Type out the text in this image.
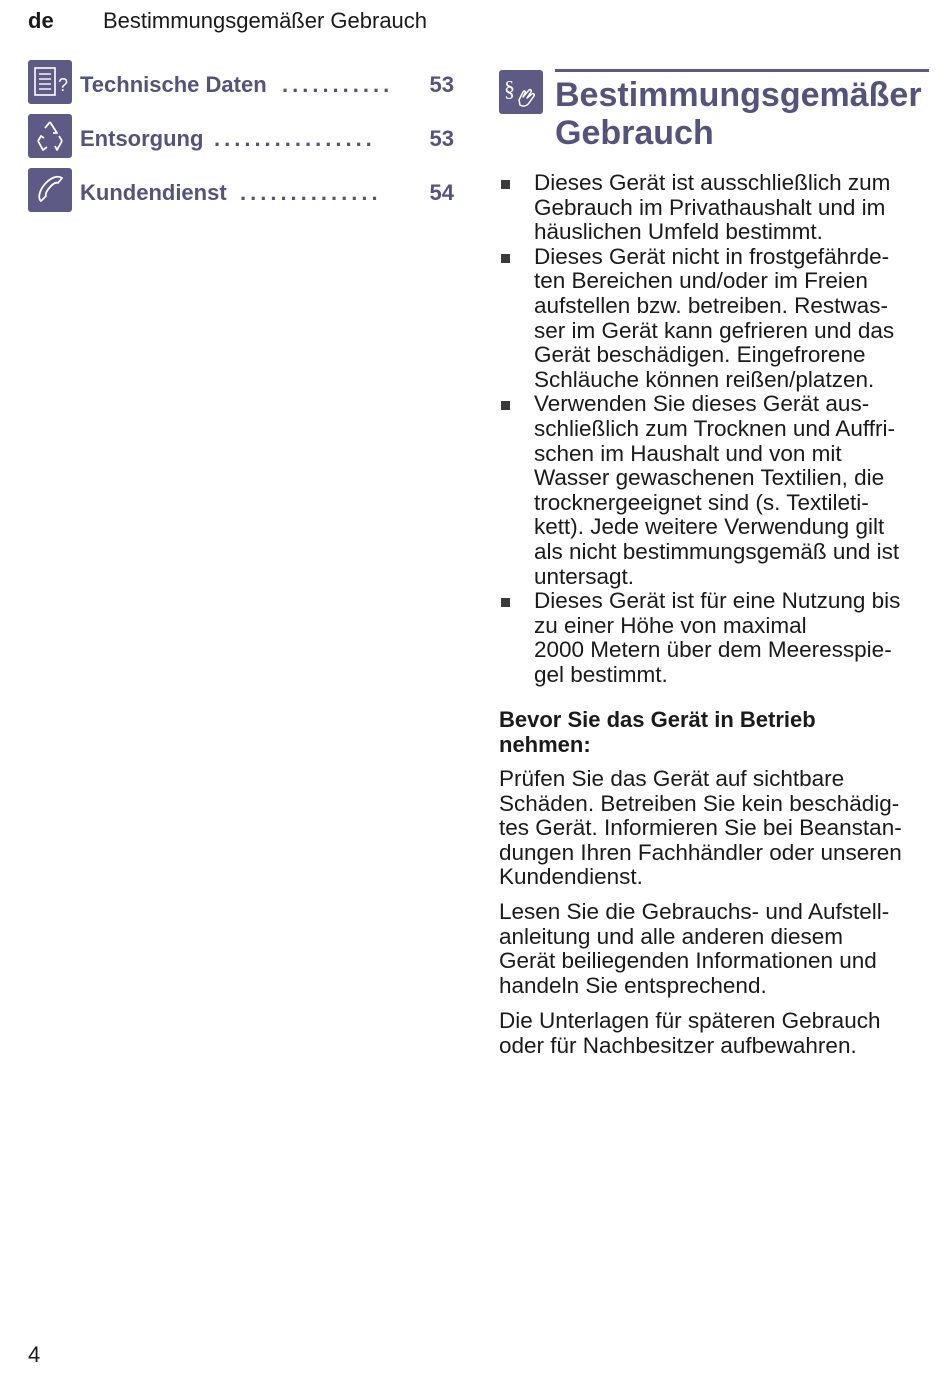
de Bestimmungsgemäßer Gebrauch
? Technische Daten ...........	53
Entsorgung ................	53
Kundendienst ..............	54
§ Bestimmungsgemäßer
Gebrauch
Dieses Gerät ist ausschließlich zum
Gebrauch im Privathaushalt und im
häuslichen Umfeld bestimmt.
Dieses Gerät nicht in frostgefährde-
ten Bereichen und/oder im Freien
aufstellen bzw. betreiben. Restwas-
ser im Gerät kann gefrieren und das
Gerät beschädigen. Eingefrorene
Schläuche können reißen/platzen.
Verwenden Sie dieses Gerät aus-
schließlich zum Trocknen und Auffri-
schen im Haushalt und von mit
Wasser gewaschenen Textilien, die
trocknergeeignet sind (s. Textileti-
kett). Jede weitere Verwendung gilt
als nicht bestimmungsgemäß und ist
untersagt.
Dieses Gerät ist für eine Nutzung bis
zu einer Höhe von maximal
2000 Metern über dem Meeresspie-
gel bestimmt.
Bevor Sie das Gerät in Betrieb
nehmen:
Prüfen Sie das Gerät auf sichtbare
Schäden. Betreiben Sie kein beschädig-
tes Gerät. Informieren Sie bei Beanstan-
dungen Ihren Fachhändler oder unseren
Kundendienst.
Lesen Sie die Gebrauchs- und Aufstell-
anleitung und alle anderen diesem
Gerät beiliegenden Informationen und
handeln Sie entsprechend.
Die Unterlagen für späteren Gebrauch
oder für Nachbesitzer aufbewahren.
4
